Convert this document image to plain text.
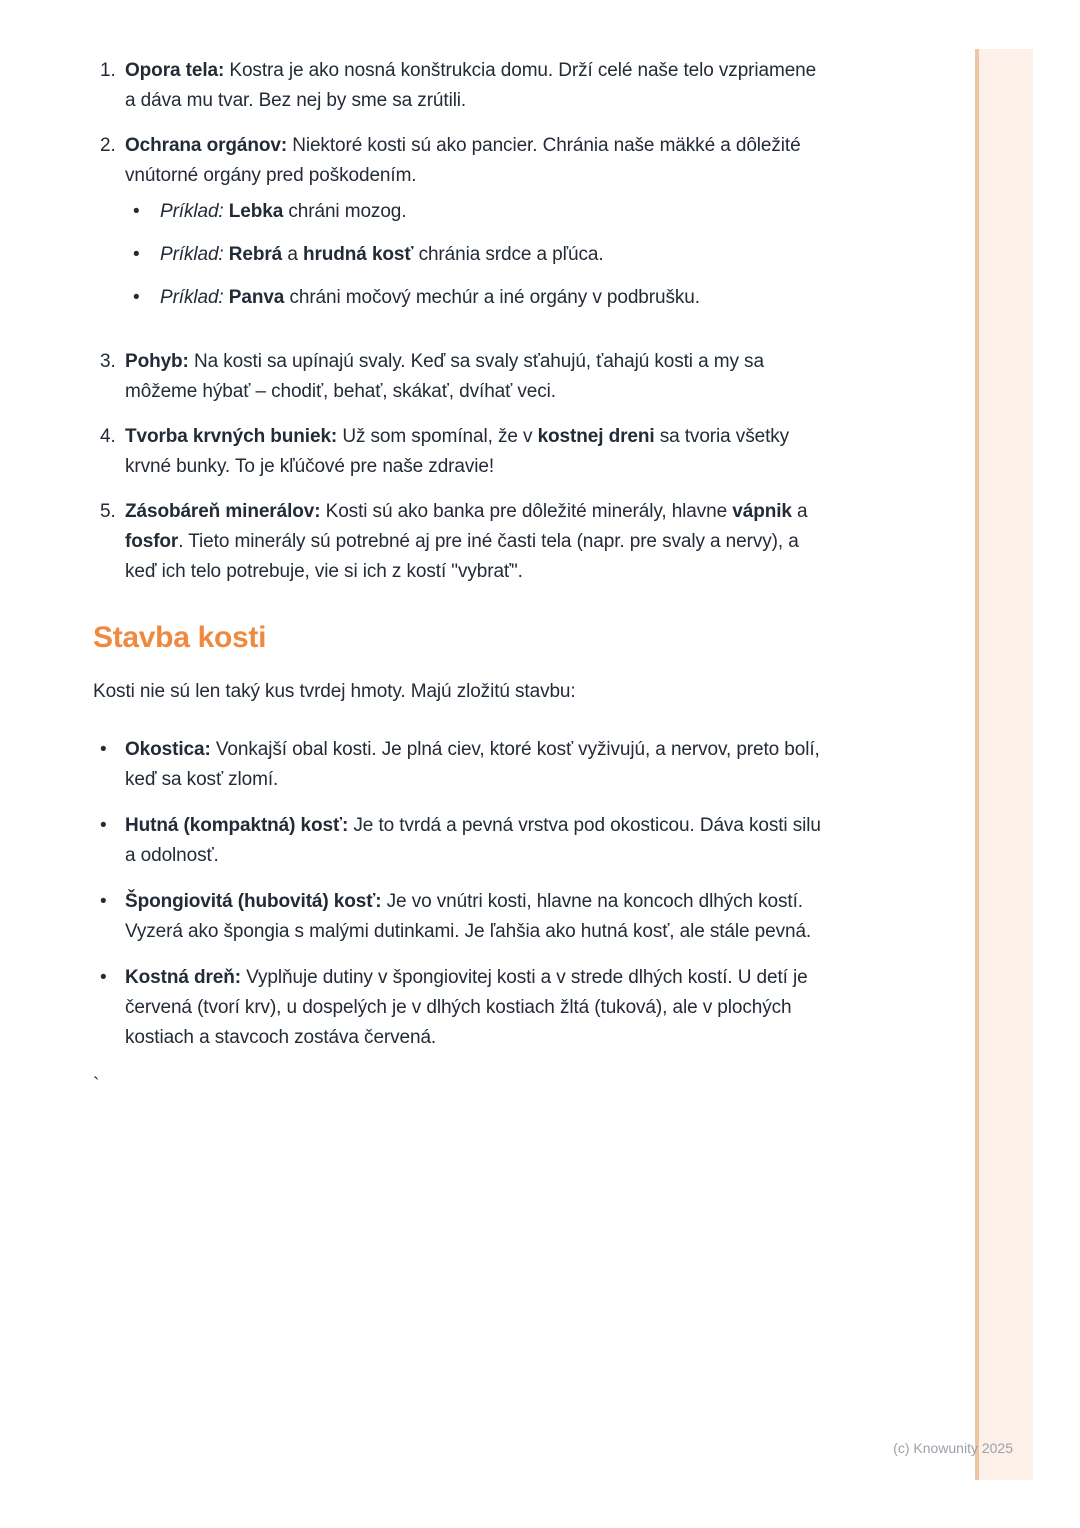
1. Opora tela: Kostra je ako nosná konštrukcia domu. Drží celé naše telo vzpriamene a dáva mu tvar. Bez nej by sme sa zrútili.
2. Ochrana orgánov: Niektoré kosti sú ako pancier. Chránia naše mäkké a dôležité vnútorné orgány pred poškodením.
•	Príklad: Lebka chráni mozog.
•	Príklad: Rebrá a hrudná kosť chránia srdce a pľúca.
•	Príklad: Panva chráni močový mechúr a iné orgány v podbrušku.
3. Pohyb: Na kosti sa upínajú svaly. Keď sa svaly sťahujú, ťahajú kosti a my sa môžeme hýbať – chodiť, behať, skákať, dvíhať veci.
4. Tvorba krvných buniek: Už som spomínal, že v kostnej dreni sa tvoria všetky krvné bunky. To je kľúčové pre naše zdravie!
5. Zásobáreň minerálov: Kosti sú ako banka pre dôležité minerály, hlavne vápnik a fosfor. Tieto minerály sú potrebné aj pre iné časti tela (napr. pre svaly a nervy), a keď ich telo potrebuje, vie si ich z kostí "vybrať".
Stavba kosti

Kosti nie sú len taký kus tvrdej hmoty. Majú zložitú stavbu:

• Okostica: Vonkajší obal kosti. Je plná ciev, ktoré kosť vyživujú, a nervov, preto bolí, keď sa kosť zlomí.
• Hutná (kompaktná) kosť: Je to tvrdá a pevná vrstva pod okosticou. Dáva kosti silu a odolnosť.
• Špongiovitá (hubovitá) kosť: Je vo vnútri kosti, hlavne na koncoch dlhých kostí. Vyzerá ako špongia s malými dutinkami. Je ľahšia ako hutná kosť, ale stále pevná.
• Kostná dreň: Vyplňuje dutiny v špongiovitej kosti a v strede dlhých kostí. U detí je červená (tvorí krv), u dospelých je v dlhých kostiach žltá (tuková), ale v plochých kostiach a stavcoch zostáva červená.

`

(c) Knowunity 2025
